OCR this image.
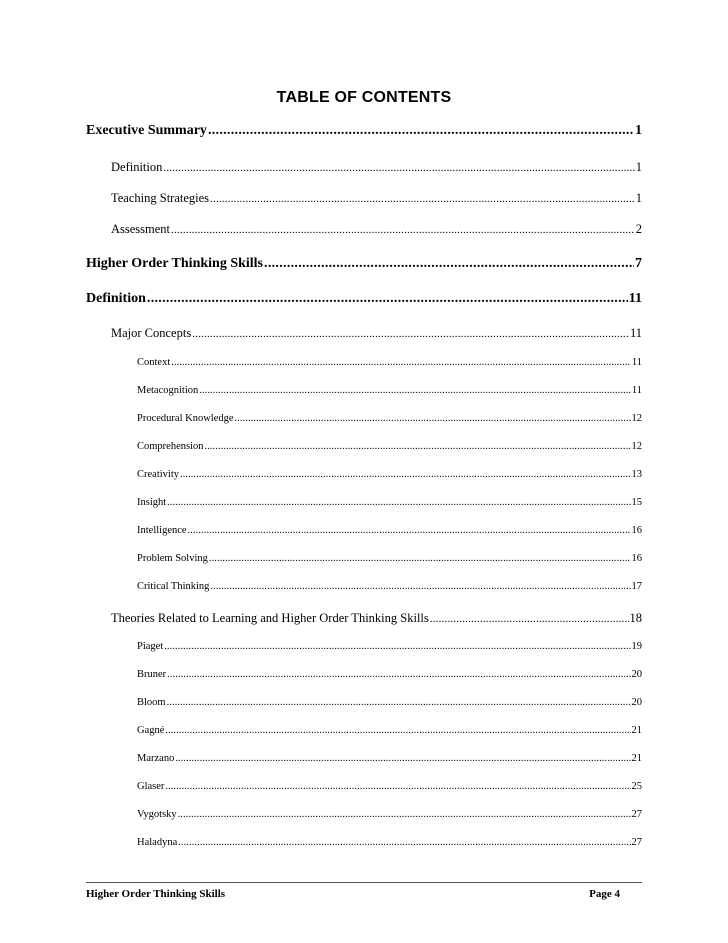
TABLE OF CONTENTS
Executive Summary .....	1
Definition .....	1
Teaching Strategies .....	1
Assessment .....	2
Higher Order Thinking Skills .....	7
Definition .....	11
Major Concepts .....	11
Context .....	11
Metacognition .....	11
Procedural Knowledge .....	12
Comprehension .....	12
Creativity .....	13
Insight .....	15
Intelligence .....	16
Problem Solving .....	16
Critical Thinking .....	17
Theories Related to Learning and Higher Order Thinking Skills .....	18
Piaget .....	19
Bruner .....	20
Bloom .....	20
Gagné .....	21
Marzano .....	21
Glaser .....	25
Vygotsky .....	27
Haladyna .....	27
Higher Order Thinking Skills	Page 4
